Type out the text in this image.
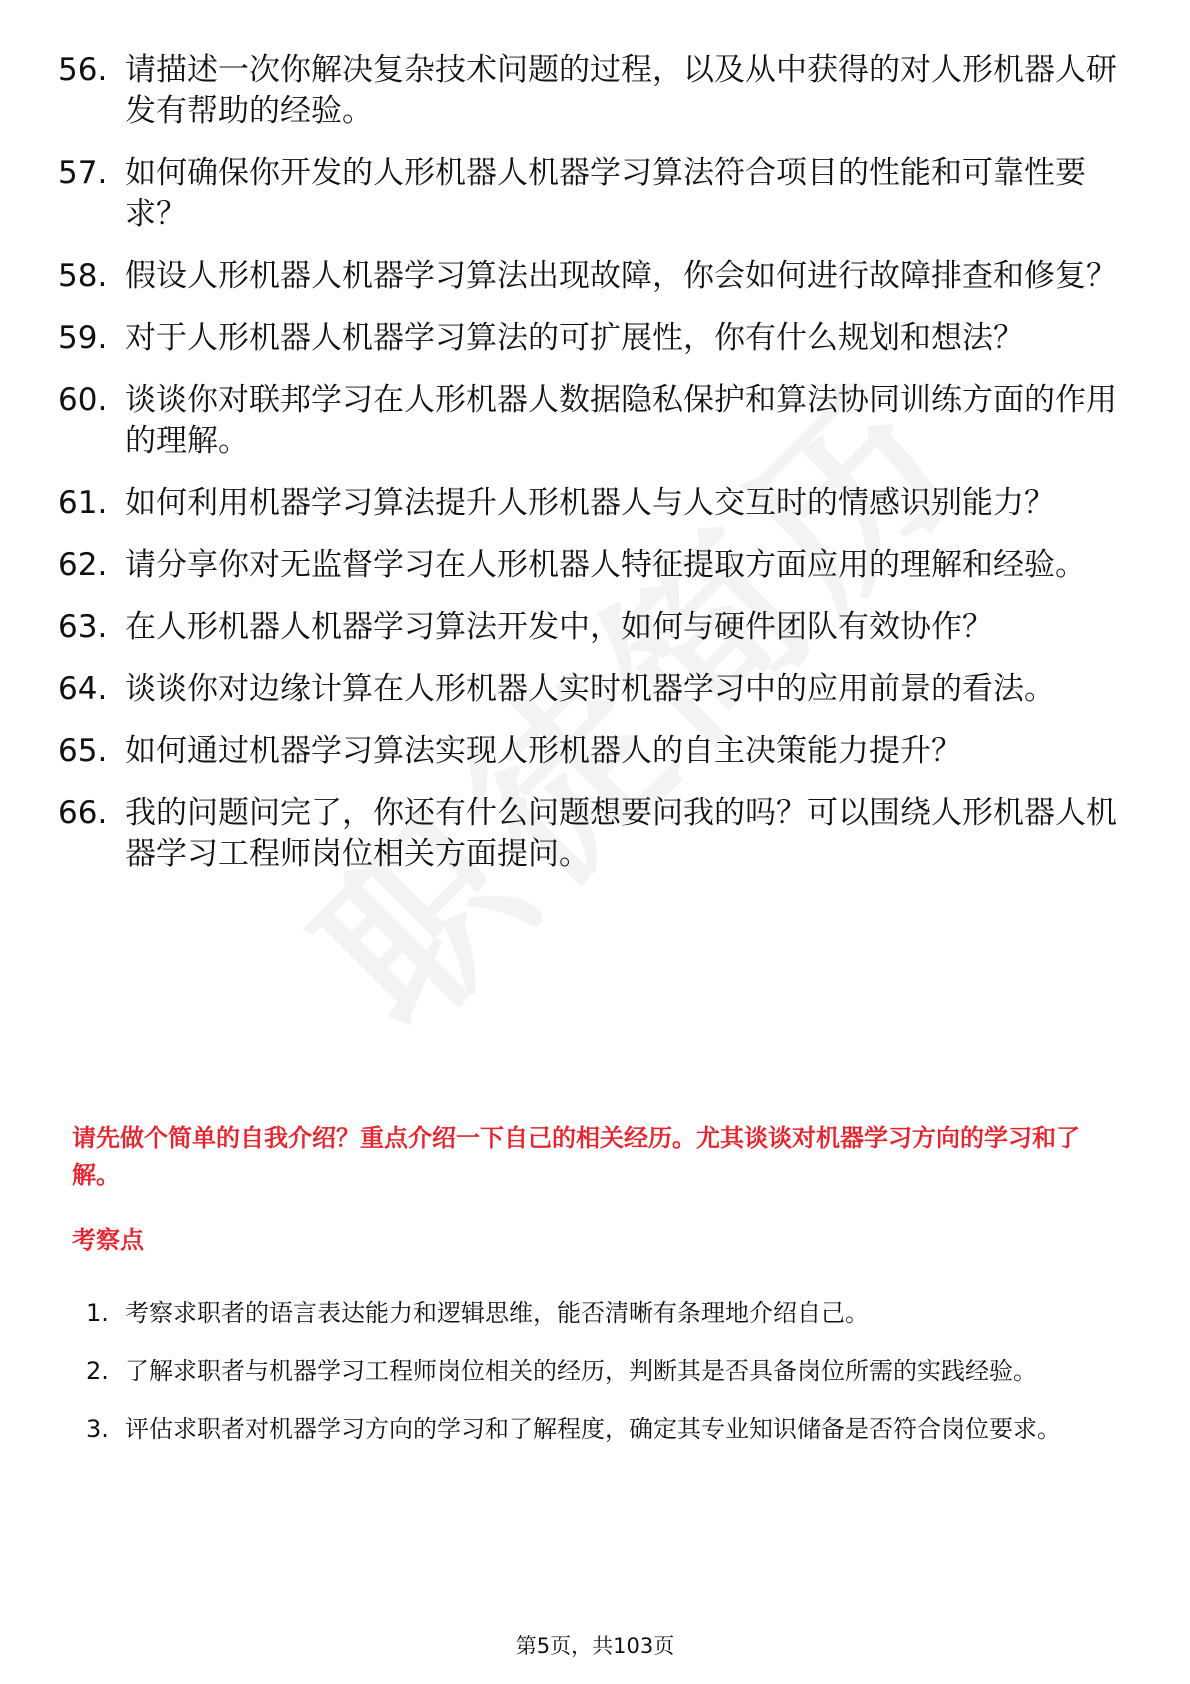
56. 请描述一次你解决复杂技术问题的过程，以及从中获得的对人形机器人研发有帮助的经验。
57. 如何确保你开发的人形机器人机器学习算法符合项目的性能和可靠性要求？
58. 假设人形机器人机器学习算法出现故障，你会如何进行故障排查和修复？
59. 对于人形机器人机器学习算法的可扩展性，你有什么规划和想法？
60. 谈谈你对联邦学习在人形机器人数据隐私保护和算法协同训练方面的作用的理解。
61. 如何利用机器学习算法提升人形机器人与人交互时的情感识别能力？
62. 请分享你对无监督学习在人形机器人特征提取方面应用的理解和经验。
63. 在人形机器人机器学习算法开发中，如何与硬件团队有效协作？
64. 谈谈你对边缘计算在人形机器人实时机器学习中的应用前景的看法。
65. 如何通过机器学习算法实现人形机器人的自主决策能力提升？
66. 我的问题问完了，你还有什么问题想要问我的吗？可以围绕人形机器人机器学习工程师岗位相关方面提问。
请先做个简单的自我介绍？重点介绍一下自己的相关经历。尤其谈谈对机器学习方向的学习和了解。
考察点
1. 考察求职者的语言表达能力和逻辑思维，能否清晰有条理地介绍自己。
2. 了解求职者与机器学习工程师岗位相关的经历，判断其是否具备岗位所需的实践经验。
3. 评估求职者对机器学习方向的学习和了解程度，确定其专业知识储备是否符合岗位要求。
第5页，共103页
